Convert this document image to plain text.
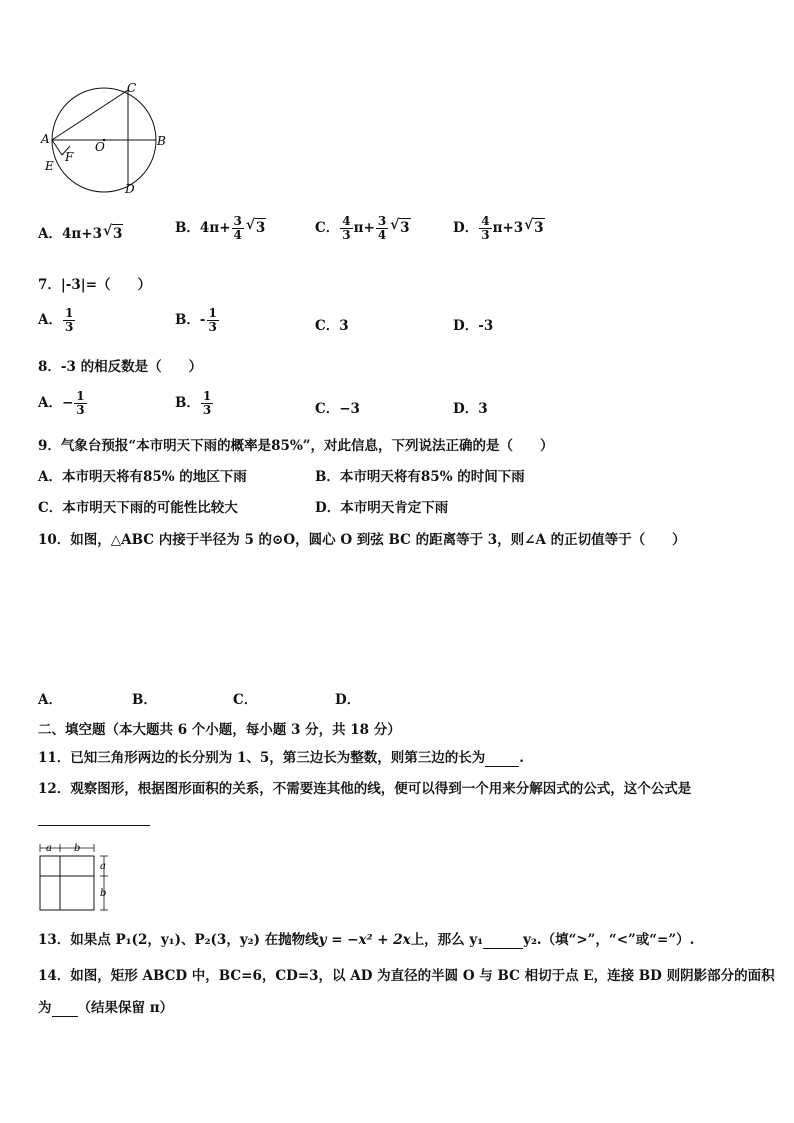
A	B
C
D
E
F
O
A．4π+3√ 3	B．$4\pi+ \frac{3}{4}$
√ 3	C． $\frac{4}{3} \pi+ \frac{3}{4}$
√ 3	D． $\frac{4}{3} \pi+3√$ 3
7．|-3|=（　　）
A． $\frac{1}{3}$	B．- $\frac{1}{3}$	C．3	D．-3
8．-3 的相反数是（　　）
A．− $\frac{1}{3}$	B． $\frac{1}{3}$	C．−3	D．3
9．气象台预报“本市明天下雨的概率是85%”，对此信息，下列说法正确的是（　　）
A．本市明天将有85% 的地区下雨	B．本市明天将有85% 的时间下雨
C．本市明天下雨的可能性比较大	D．本市明天肯定下雨
10．如图，△ABC 内接于半径为 5 的⊙O，圆心 O 到弦 BC 的距离等于 3，则∠A 的正切值等于（　　）
A．	B．	C．	D．
二、填空题（本大题共 6 个小题，每小题 3 分，共 18 分）
11．已知三角形两边的长分别为 1、5，第三边长为整数，则第三边的长为	.
12．观察图形，根据图形面积的关系，不需要连其他的线，便可以得到一个用来分解因式的公式，这个公式是
a b
a
b
13．如果点 P₁(2，y₁)、P₂(3，y₂) 在抛物线y = −x² + 2x上，那么 y₁	y₂.（填“>”，“<”或“=”）.
14．如图，矩形 ABCD 中，BC=6，CD=3，以 AD 为直径的半圆 O 与 BC 相切于点 E，连接 BD 则阴影部分的面积
为 （结果保留 π）
